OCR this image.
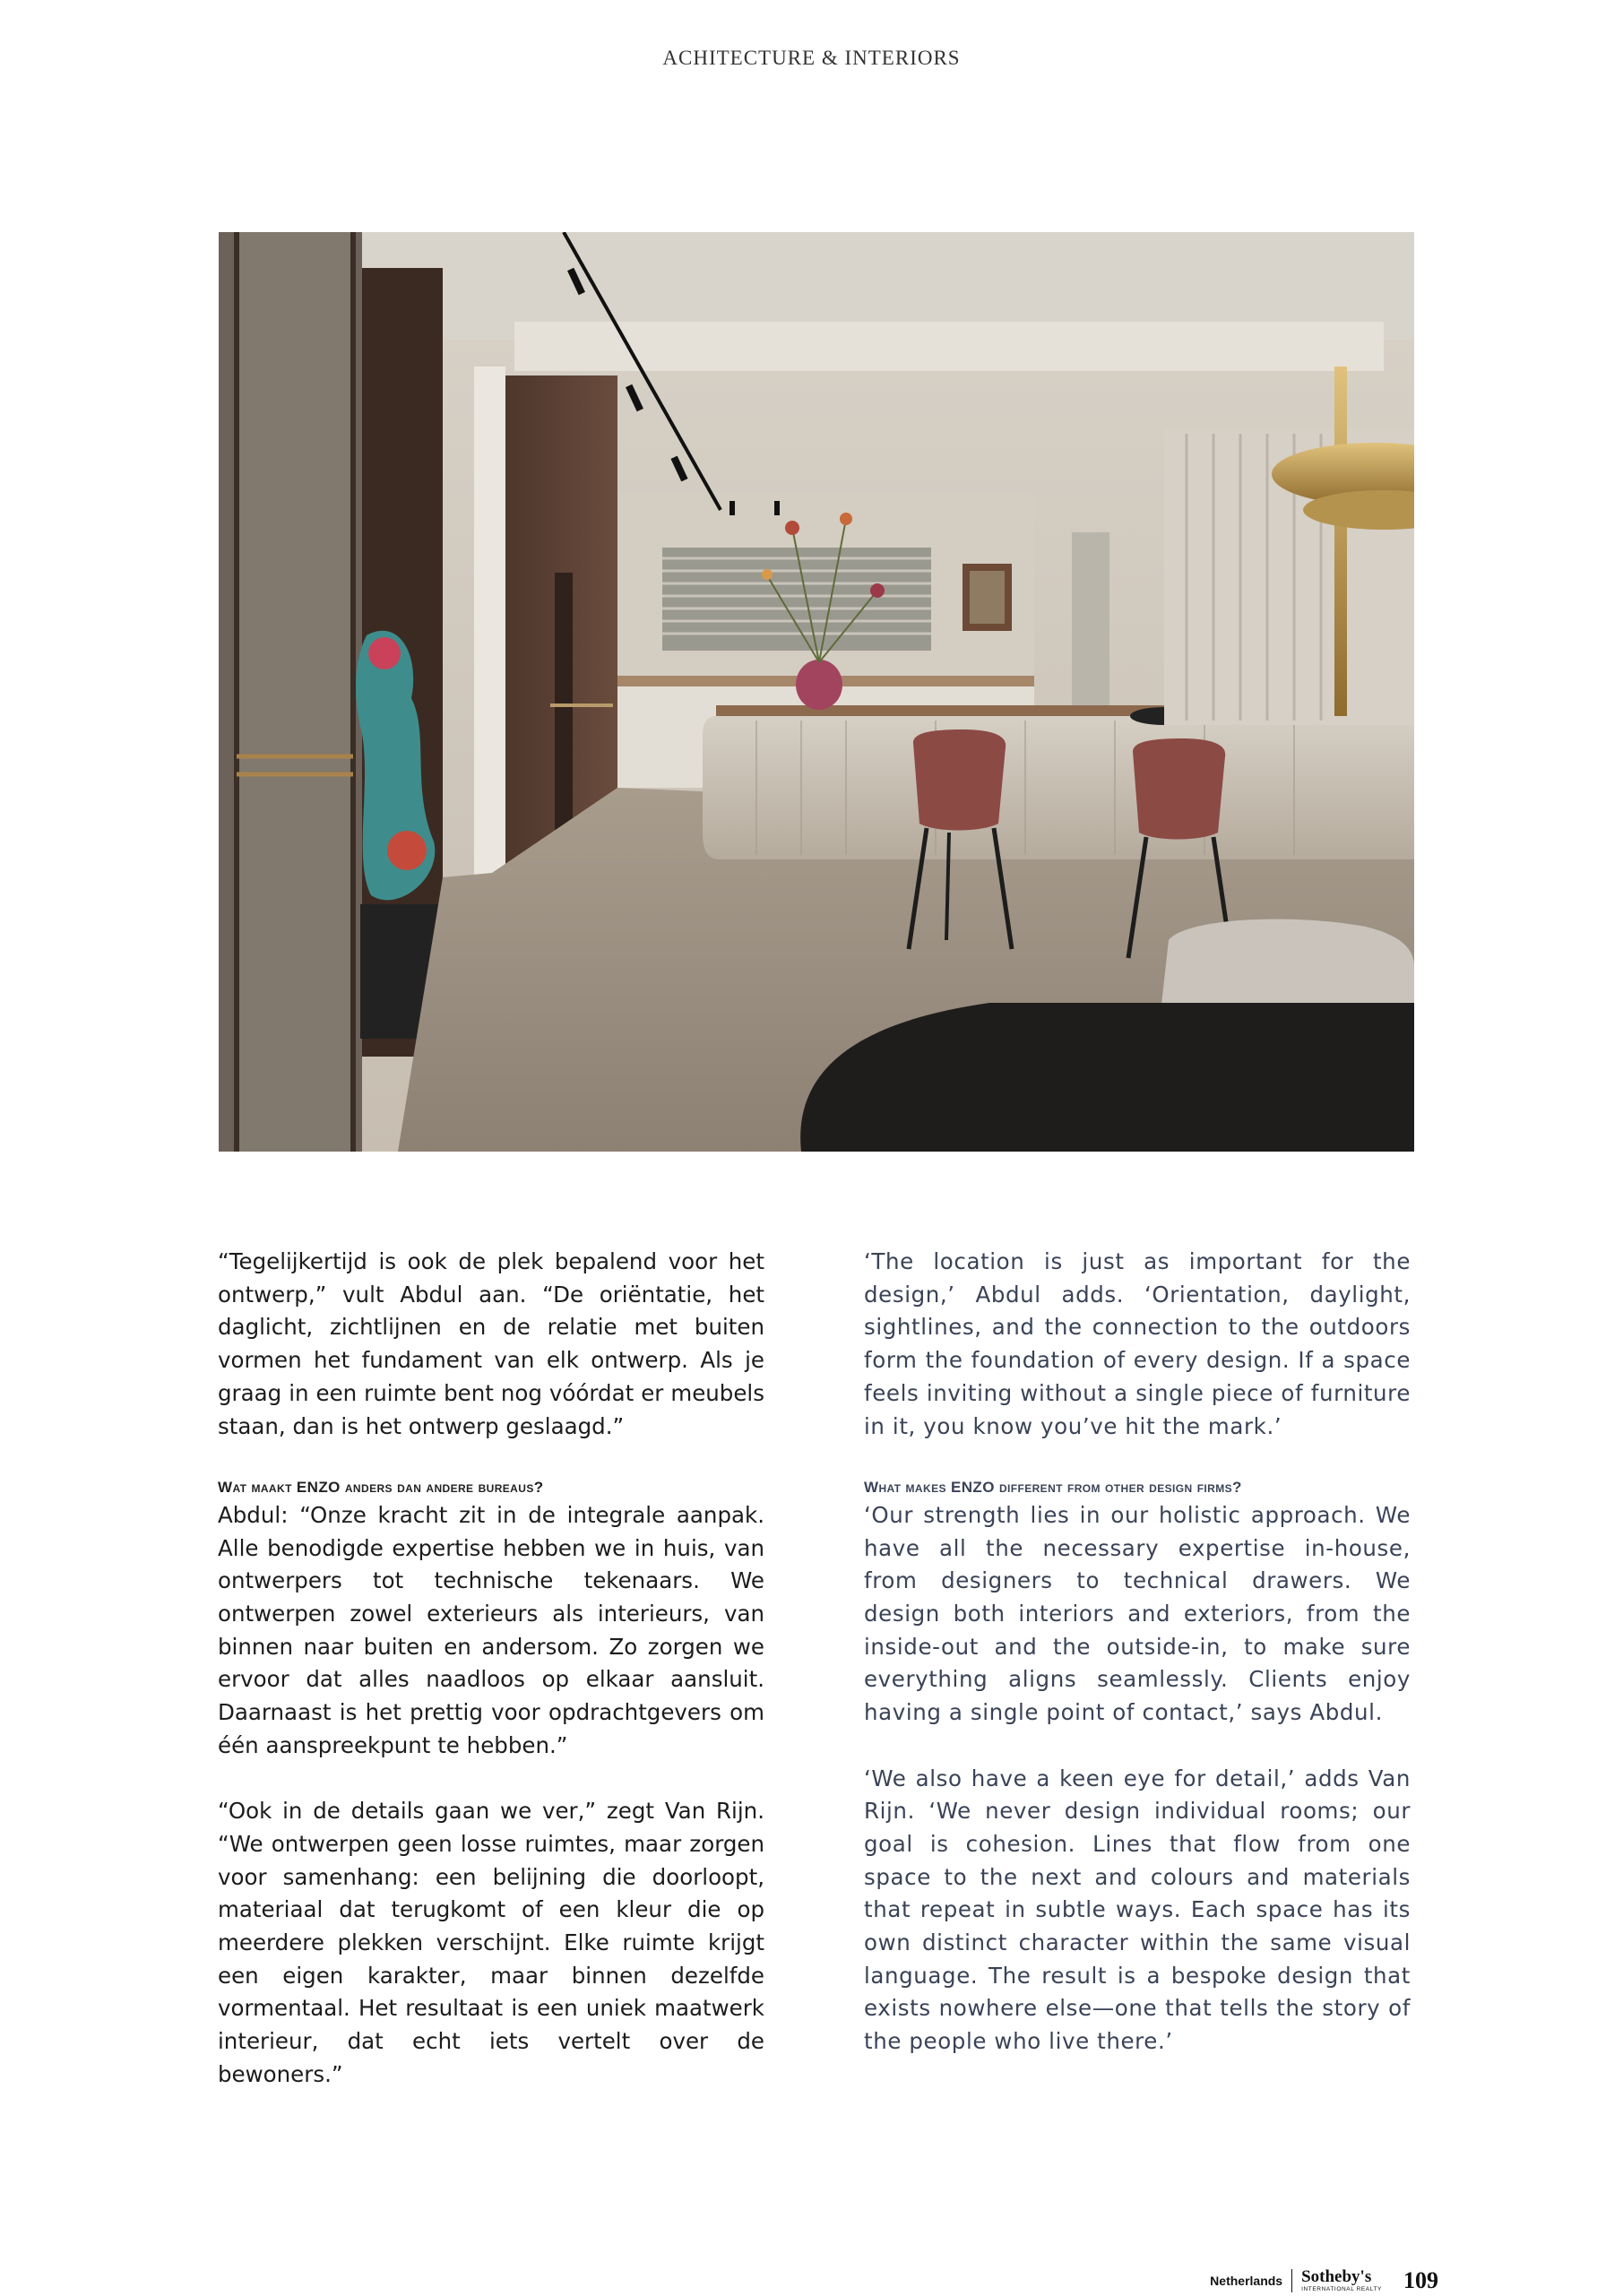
ACHITECTURE & INTERIORS

“Tegelijkertijd is ook de plek bepalend voor het ontwerp,” vult Abdul aan. “De oriëntatie, het daglicht, zichtlijnen en de relatie met buiten vormen het fundament van elk ontwerp. Als je graag in een ruimte bent nog vóórdat er meubels staan, dan is het ontwerp geslaagd.”

Wat maakt ENZO anders dan andere bureaus?

Abdul: “Onze kracht zit in de integrale aanpak. Alle benodigde expertise hebben we in huis, van ontwerpers tot technische tekenaars. We ontwerpen zowel exterieurs als interieurs, van binnen naar buiten en andersom. Zo zorgen we ervoor dat alles naadloos op elkaar aansluit. Daarnaast is het prettig voor opdrachtgevers om één aanspreekpunt te hebben.”

“Ook in de details gaan we ver,” zegt Van Rijn. “We ontwerpen geen losse ruimtes, maar zorgen voor samenhang: een belijning die doorloopt, materiaal dat terugkomt of een kleur die op meerdere plekken verschijnt. Elke ruimte krijgt een eigen karakter, maar binnen dezelfde vormentaal. Het resultaat is een uniek maatwerk interieur, dat echt iets vertelt over de bewoners.”

‘The location is just as important for the design,’ Abdul adds. ‘Orientation, daylight, sightlines, and the connection to the outdoors form the foundation of every design. If a space feels inviting without a single piece of furniture in it, you know you’ve hit the mark.’

What makes ENZO different from other design firms?

‘Our strength lies in our holistic approach. We have all the necessary expertise in-house, from designers to technical drawers. We design both interiors and exteriors, from the inside-out and the outside-in, to make sure everything aligns seamlessly. Clients enjoy having a single point of contact,’ says Abdul.

‘We also have a keen eye for detail,’ adds Van Rijn. ‘We never design individual rooms; our goal is cohesion. Lines that flow from one space to the next and colours and materials that repeat in subtle ways. Each space has its own distinct character within the same visual language. The result is a bespoke design that exists nowhere else—one that tells the story of the people who live there.’

Netherlands Sotheby's
INTERNATIONAL REALTY 109
